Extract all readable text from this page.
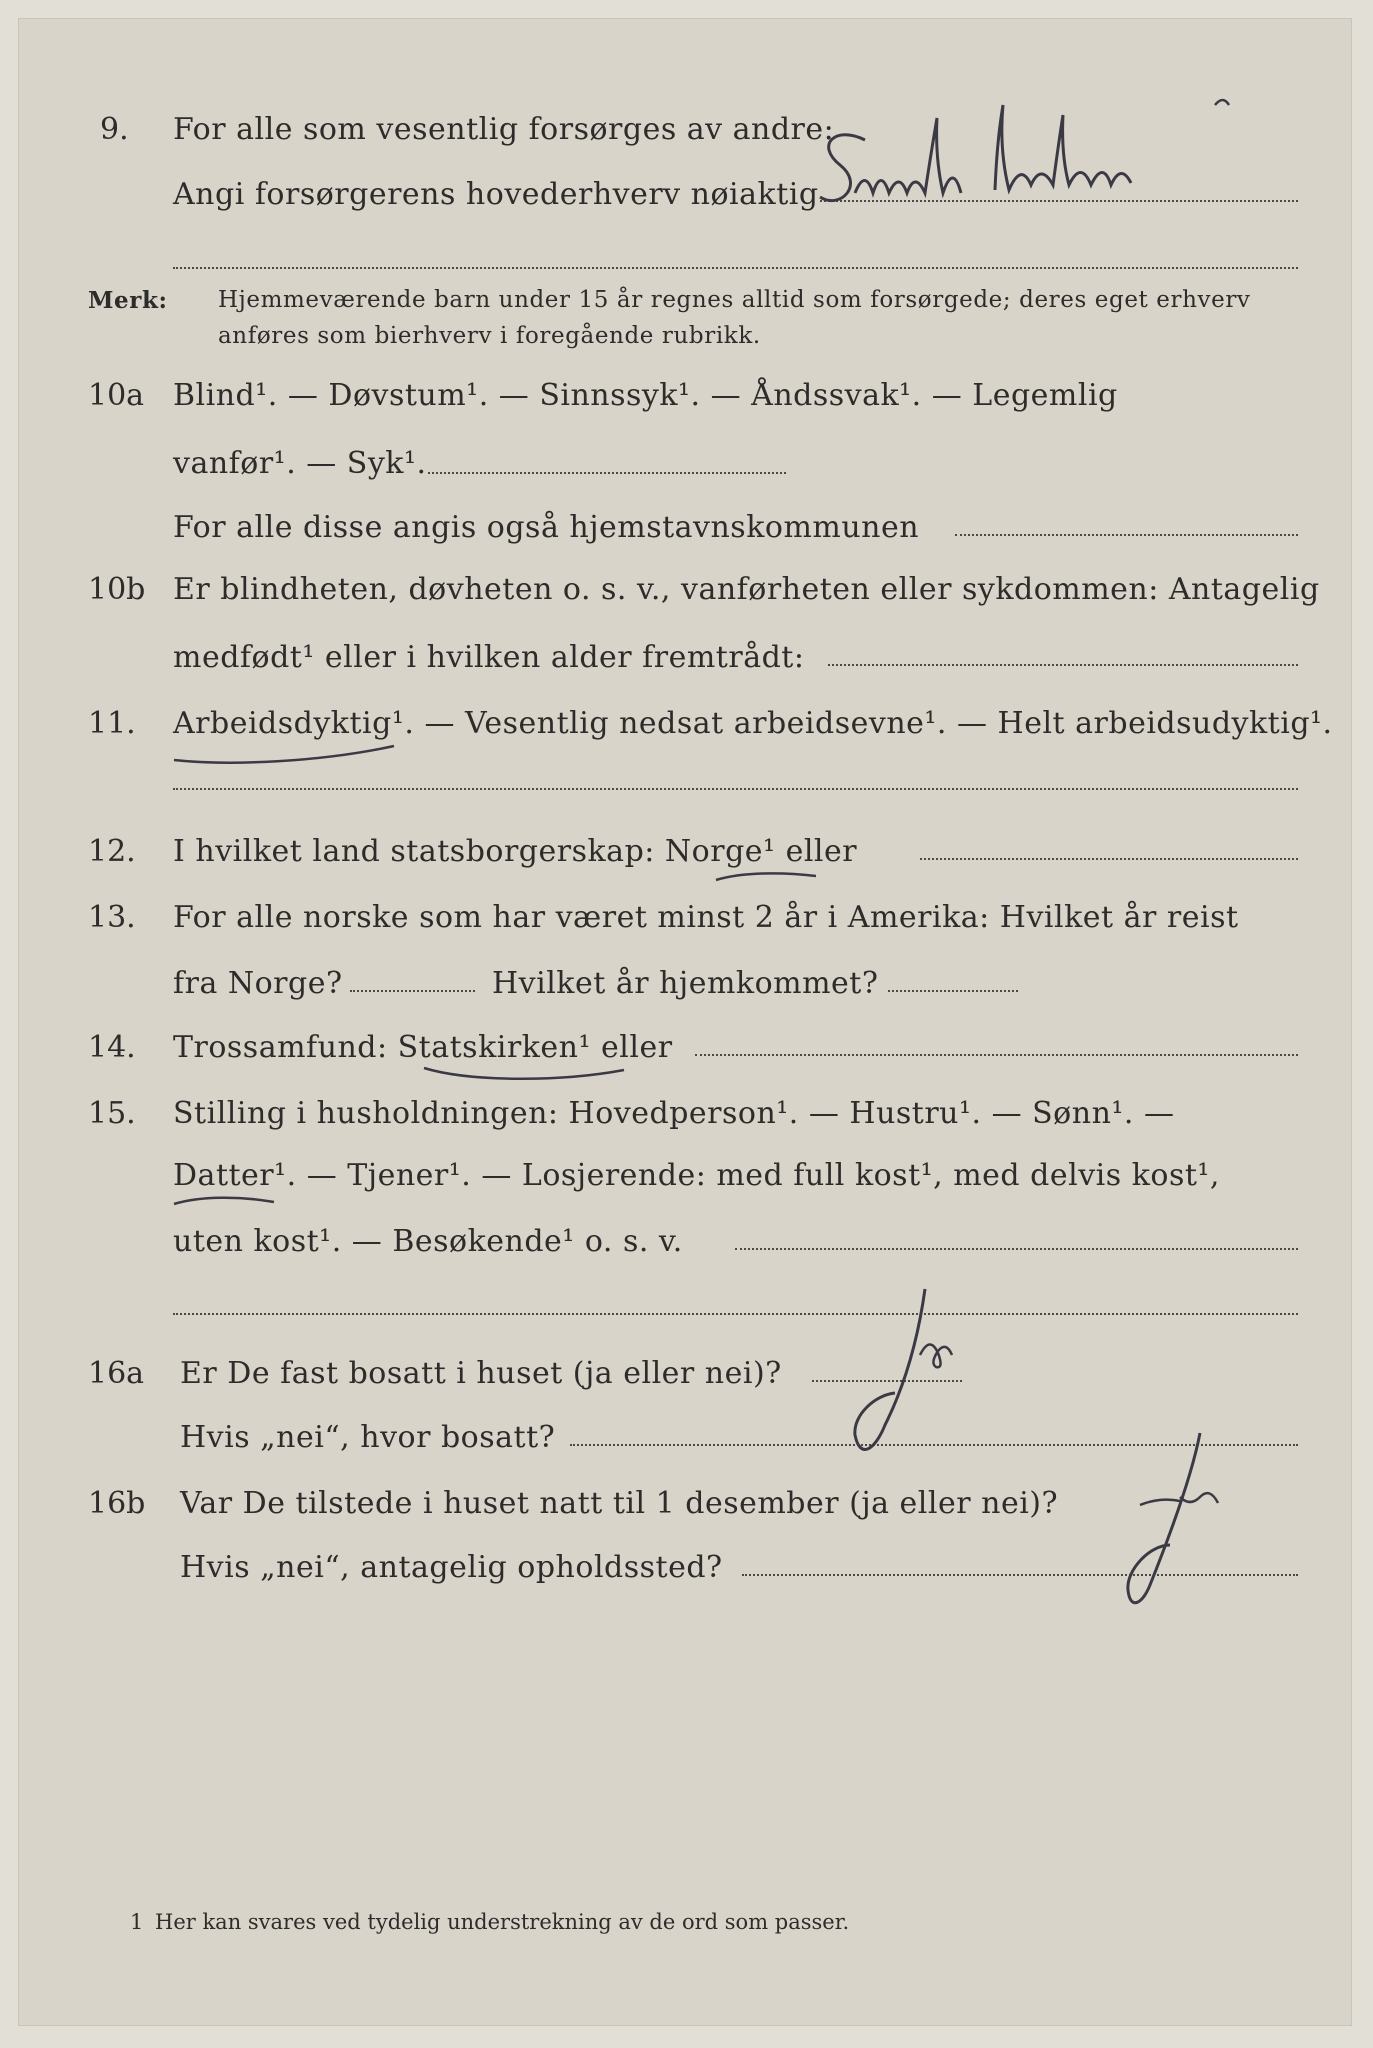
9. For alle som vesentlig forsørges av andre:
Angi forsørgerens hovederhverv nøiaktig
Merk: Hjemmeværende barn under 15 år regnes alltid som forsørgede; deres eget erhverv
anføres som bierhverv i foregående rubrikk.
10a Blind¹. — Døvstum¹. — Sinnssyk¹. — Åndssvak¹. — Legemlig
vanfør¹. — Syk¹.
For alle disse angis også hjemstavnskommunen
10b Er blindheten, døvheten o. s. v., vanførheten eller sykdommen: Antagelig
medfødt¹ eller i hvilken alder fremtrådt:
11. Arbeidsdyktig¹. — Vesentlig nedsat arbeidsevne¹. — Helt arbeidsudyktig¹.
12. I hvilket land statsborgerskap: Norge¹ eller
13. For alle norske som har været minst 2 år i Amerika: Hvilket år reist
fra Norge?	Hvilket år hjemkommet?
14. Trossamfund: Statskirken¹ eller
15. Stilling i husholdningen: Hovedperson¹. — Hustru¹. — Sønn¹. —
Datter¹. — Tjener¹. — Losjerende: med full kost¹, med delvis kost¹,
uten kost¹. — Besøkende¹ o. s. v.
16a Er De fast bosatt i huset (ja eller nei)?
Hvis „nei“, hvor bosatt?
16b Var De tilstede i huset natt til 1 desember (ja eller nei)?
Hvis „nei“, antagelig opholdssted?
1 Her kan svares ved tydelig understrekning av de ord som passer.
